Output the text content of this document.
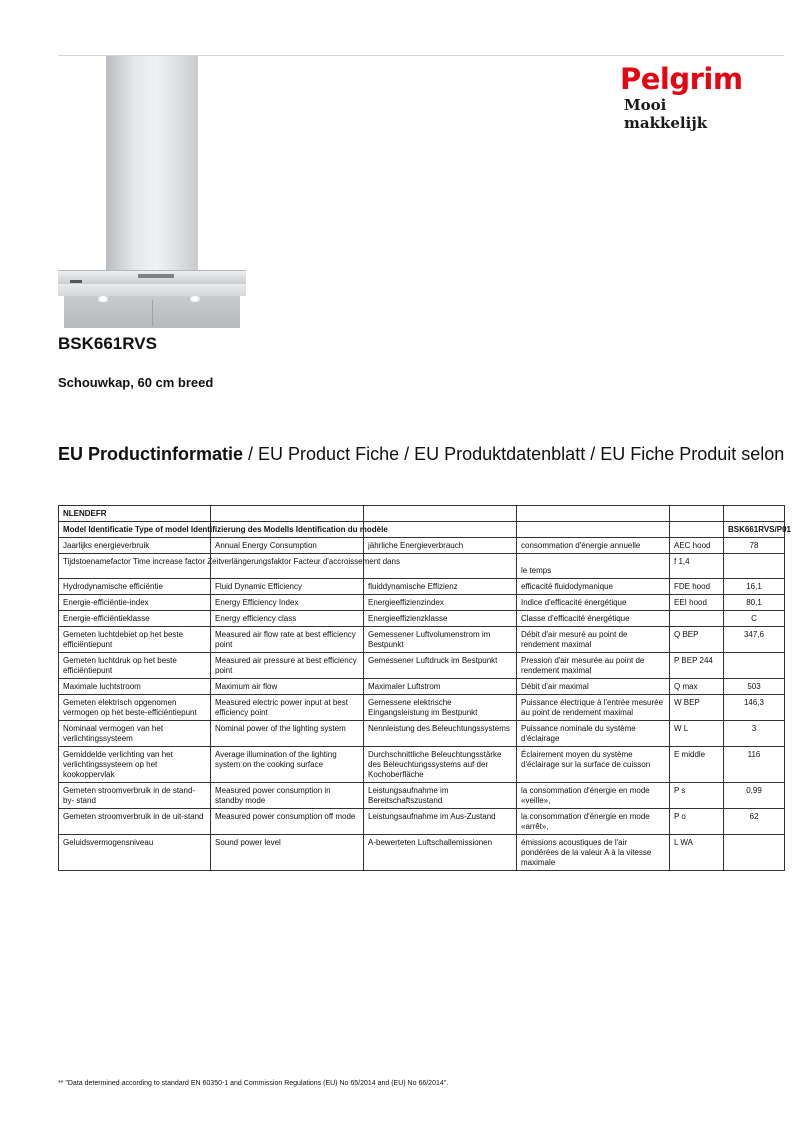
Pelgrim
Mooi makkelijk
BSK661RVS
Schouwkap, 60 cm breed
EU Productinformatie / EU Product Fiche / EU Produktdatenblatt / EU Fiche Produit selon
NLENDEFR					
Model Identificatie Type of model Identifizierung des Modells Identification du modèle					BSK661RVS/P01
Jaarlijks energieverbruik	Annual Energy Consumption	jährliche Energieverbrauch	consommation d'énergie annuelle	AEC hood	78
Tijdstoenamefactor Time increase factor Zeitverlängerungsfaktor Facteur d'accroissement dans			le temps	f 1,4	
Hydrodynamische efficiëntie	Fluid Dynamic Efficiency	fluiddynamische Effizienz	efficacité fluidodymanique	FDE hood	16,1
Energie-efficiëntie-index	Energy Efficiency Index	Energieeffizienzindex	Indice d'efficacité énergétique	EEI hood	80,1
Energie-efficiëntieklasse	Energy efficiency class	Energieeffizienzklasse	Classe d'efficacité énergétique		C
Gemeten luchtdebiet op het beste efficiëntiepunt	Measured air flow rate at best efficiency point	Gemessener Luftvolumenstrom im Bestpunkt	Débit d'air mesuré au point de rendement maximal	Q BEP	347,6
Gemeten luchtdruk op het beste efficiëntiepunt	Measured air pressure at best efficiency point	Gemessener Luftdruck im Bestpunkt	Pression d'air mesurée au point de rendement maximal	P BEP 244	
Maximale luchtstroom	Maximum air flow	Maximaler Luftstrom	Débit d'air maximal	Q max	503
Gemeten elektrisch opgenomen vermogen op het beste-efficiëntiepunt	Measured electric power input at best efficiency point	Gemessene elektrische Eingangsleistung im Bestpunkt	Puissance électrique à l'entrée mesurée au point de rendement maximal	W BEP	146,3
Nominaal vermogen van het verlichtingssysteem	Nominal power of the lighting system	Nennleistung des Beleuchtungssystems	Puissance nominale du système d'éclairage	W L	3
Gemiddelde verlichting van het verlichtingssysteem op het kookoppervlak	Average illumination of the lighting system on the cooking surface	Durchschnittliche Beleuchtungsstärke des Beleuchtungssystems auf der Kochoberfläche	Éclairement moyen du système d'éclairage sur la surface de cuisson	E middle	116
Gemeten stroomverbruik in de stand-by- stand	Measured power consumption in standby mode	Leistungsaufnahme im Bereitschaftszustand	la consommation d'énergie en mode «veille»,	P s	0,99
Gemeten stroomverbruik in de uit-stand	Measured power consumption off mode	Leistungsaufnahme im Aus-Zustand	la consommation d'énergie en mode «arrêt»,	P o	62
Geluidsvermogensniveau	Sound power level	A-bewerteten Luftschallemissionen	émissions acoustiques de l'air pondérées de la valeur A à la vitesse maximale	L WA	
** "Data determined according to standard EN 60350-1 and Commission Regulations (EU) No 65/2014 and (EU) No 66/2014".
